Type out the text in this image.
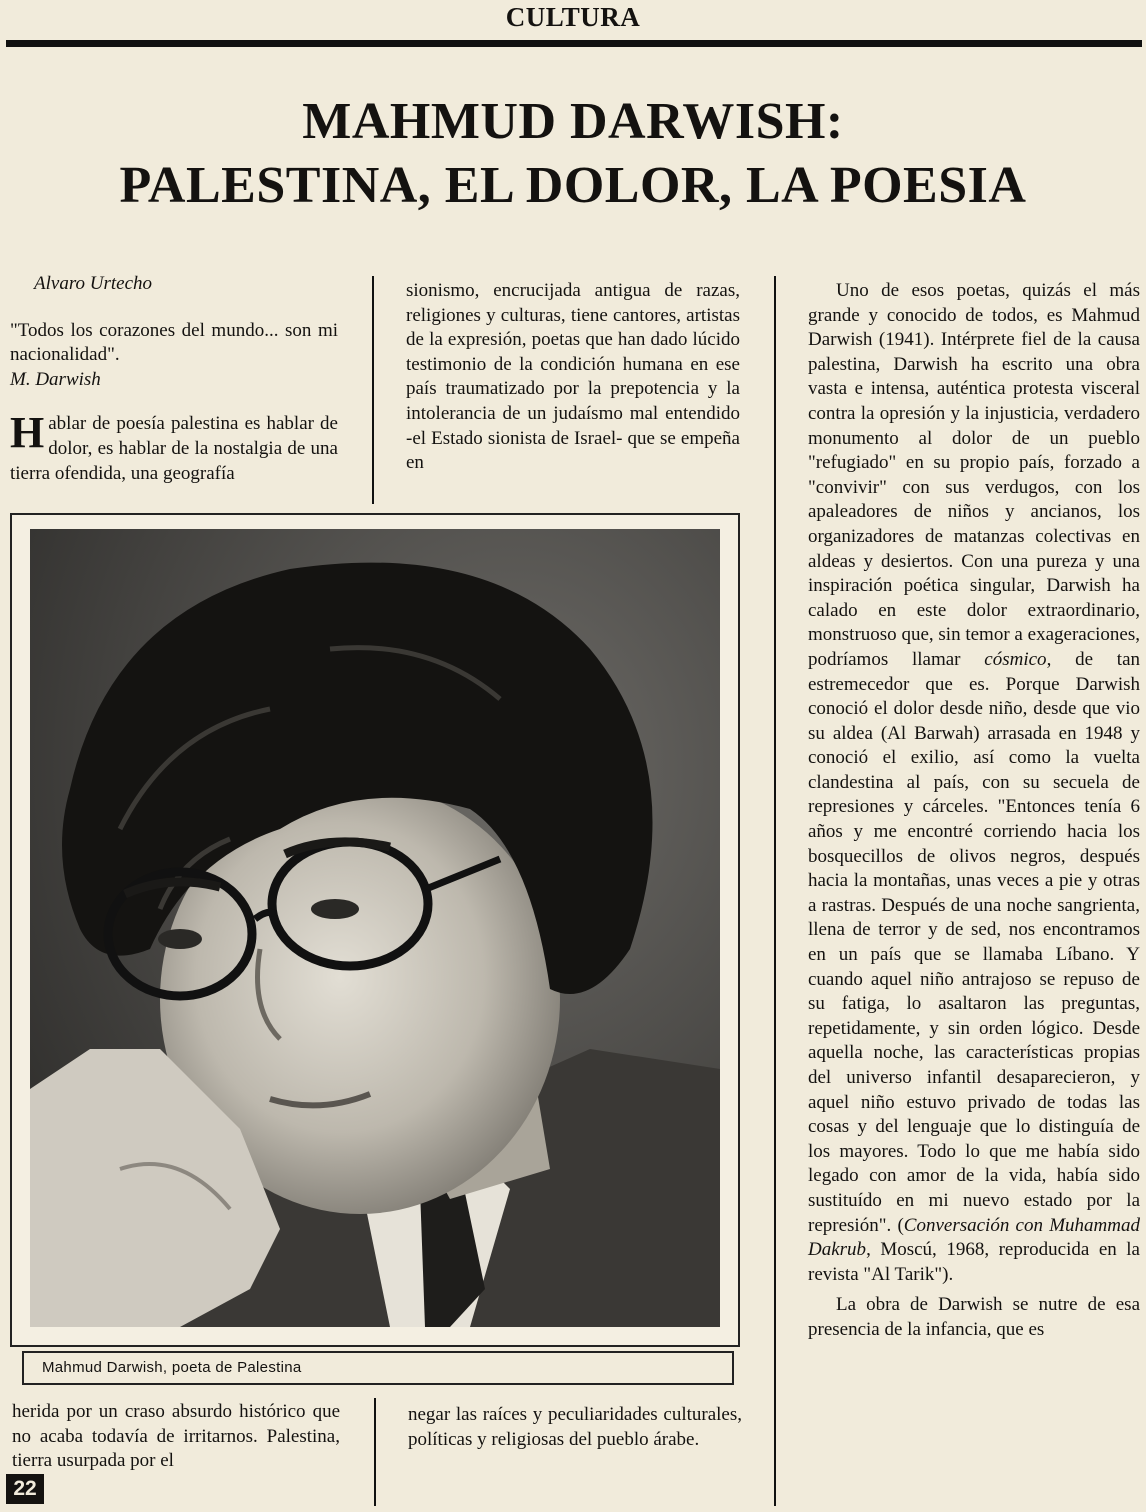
CULTURA
MAHMUD DARWISH:
PALESTINA, EL DOLOR, LA POESIA

Alvaro Urtecho

"Todos los corazones del mundo... son mi nacionalidad".
M. Darwish

Hablar de poesía palestina es hablar de dolor, es hablar de la nostalgia de una tierra ofendida, una geografía

sionismo, encrucijada antigua de razas, religiones y culturas, tiene cantores, artistas de la expresión, poetas que han dado lúcido testimonio de la condición humana en ese país traumatizado por la prepotencia y la intolerancia de un judaísmo mal entendido -el Estado sionista de Israel- que se empeña en

Uno de esos poetas, quizás el más grande y conocido de todos, es Mahmud Darwish (1941). Intérprete fiel de la causa palestina, Darwish ha escrito una obra vasta e intensa, auténtica protesta visceral contra la opresión y la injusticia, verdadero monumento al dolor de un pueblo "refugiado" en su propio país, forzado a "convivir" con sus verdugos, con los apaleadores de niños y ancianos, los organizadores de matanzas colectivas en aldeas y desiertos. Con una pureza y una inspiración poética singular, Darwish ha calado en este dolor extraordinario, monstruoso que, sin temor a exageraciones, podríamos llamar cósmico, de tan estremecedor que es. Porque Darwish conoció el dolor desde niño, desde que vio su aldea (Al Barwah) arrasada en 1948 y conoció el exilio, así como la vuelta clandestina al país, con su secuela de represiones y cárceles. "Entonces tenía 6 años y me encontré corriendo hacia los bosquecillos de olivos negros, después hacia la montañas, unas veces a pie y otras a rastras. Después de una noche sangrienta, llena de terror y de sed, nos encontramos en un país que se llamaba Líbano. Y cuando aquel niño antrajoso se repuso de su fatiga, lo asaltaron las preguntas, repetidamente, y sin orden lógico. Desde aquella noche, las características propias del universo infantil desaparecieron, y aquel niño estuvo privado de todas las cosas y del lenguaje que lo distinguía de los mayores. Todo lo que me había sido legado con amor de la vida, había sido sustituído en mi nuevo estado por la represión". (Conversación con Muhammad Dakrub, Moscú, 1968, reproducida en la revista "Al Tarik").

La obra de Darwish se nutre de esa presencia de la infancia, que es

Mahmud Darwish, poeta de Palestina

herida por un craso absurdo histórico que no acaba todavía de irritarnos. Palestina, tierra usurpada por el

negar las raíces y peculiaridades culturales, políticas y religiosas del pueblo árabe.

22
